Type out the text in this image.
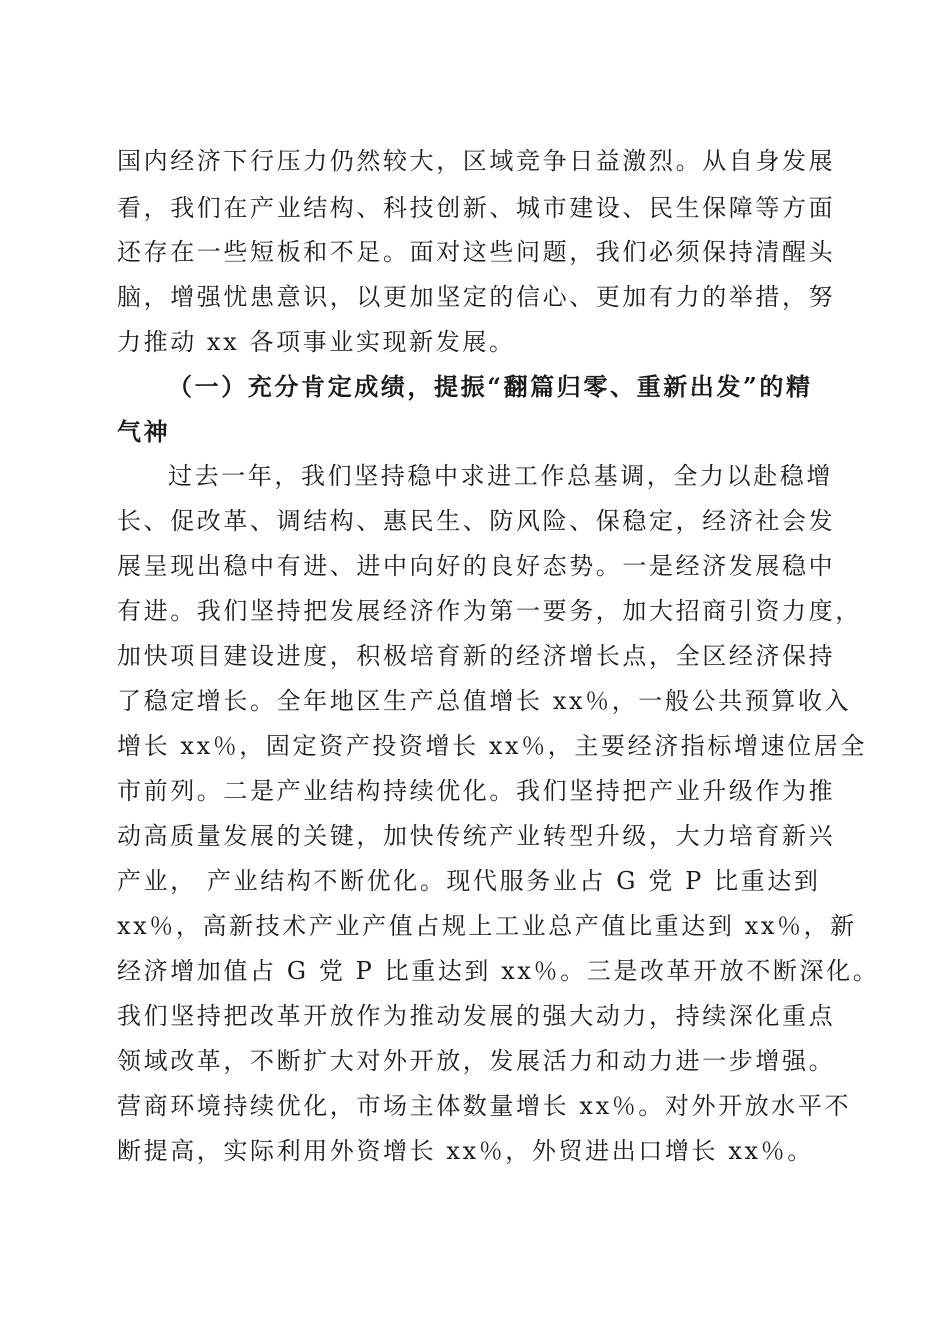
国内经济下行压力仍然较大，区域竞争日益激烈。从自身发展

看，我们在产业结构、科技创新、城市建设、民生保障等方面

还存在一些短板和不足。面对这些问题，我们必须保持清醒头

脑，增强忧患意识，以更加坚定的信心、更加有力的举措，努

力推动 xx 各项事业实现新发展。

（一）充分肯定成绩，提振“翻篇归零、重新出发”的精

气神

过去一年，我们坚持稳中求进工作总基调，全力以赴稳增

长、促改革、调结构、惠民生、防风险、保稳定，经济社会发

展呈现出稳中有进、进中向好的良好态势。一是经济发展稳中

有进。我们坚持把发展经济作为第一要务，加大招商引资力度，

加快项目建设进度，积极培育新的经济增长点，全区经济保持

了稳定增长。全年地区生产总值增长 xx％，一般公共预算收入

增长 xx％，固定资产投资增长 xx％，主要经济指标增速位居全

市前列。二是产业结构持续优化。我们坚持把产业升级作为推

动高质量发展的关键，加快传统产业转型升级，大力培育新兴

产业， 产业结构不断优化。现代服务业占 G 党 P 比重达到

xx％，高新技术产业产值占规上工业总产值比重达到 xx％，新

经济增加值占 G 党 P 比重达到 xx％。三是改革开放不断深化。

我们坚持把改革开放作为推动发展的强大动力，持续深化重点

领域改革，不断扩大对外开放，发展活力和动力进一步增强。

营商环境持续优化，市场主体数量增长 xx％。对外开放水平不

断提高，实际利用外资增长 xx％，外贸进出口增长 xx％。
